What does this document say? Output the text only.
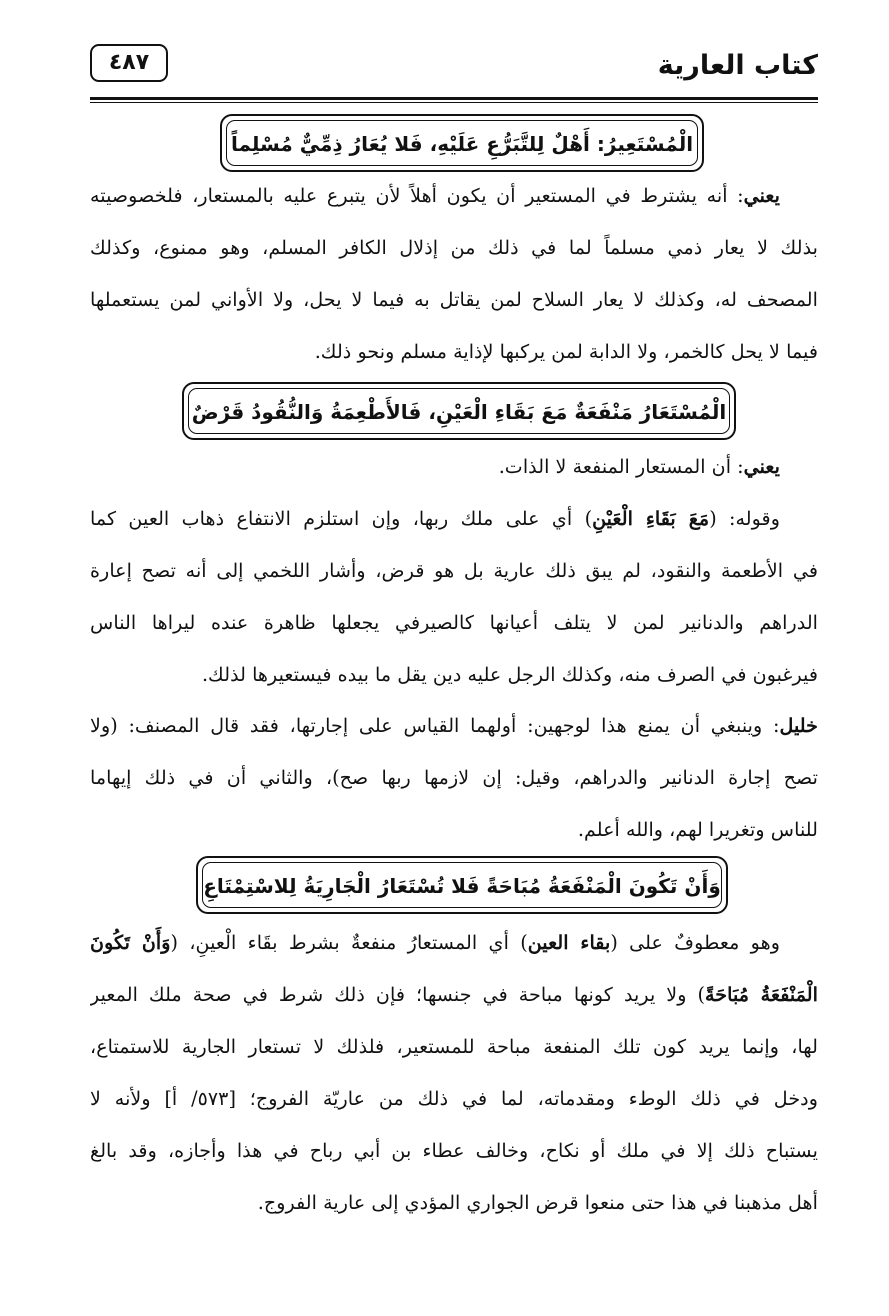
كتاب العارية
٤٨٧
الْمُسْتَعِيرُ: أَهْلٌ لِلتَّبَرُّعِ عَلَيْهِ، فَلا يُعَارُ ذِمِّيٌّ مُسْلِماً
يعني: أنه يشترط في المستعير أن يكون أهلاً لأن يتبرع عليه بالمستعار، فلخصوصيته
بذلك لا يعار ذمي مسلماً لما في ذلك من إذلال الكافر المسلم، وهو ممنوع، وكذلك
المصحف له، وكذلك لا يعار السلاح لمن يقاتل به فيما لا يحل، ولا الأواني لمن يستعملها
فيما لا يحل كالخمر، ولا الدابة لمن يركبها لإذاية مسلم ونحو ذلك.
الْمُسْتَعَارُ مَنْفَعَةٌ مَعَ بَقَاءِ الْعَيْنِ، فَالأَطْعِمَةُ وَالنُّقُودُ قَرْضٌ
يعني: أن المستعار المنفعة لا الذات.
وقوله: (مَعَ بَقَاءِ الْعَيْنِ) أي على ملك ربها، وإن استلزم الانتفاع ذهاب العين كما
في الأطعمة والنقود، لم يبق ذلك عارية بل هو قرض، وأشار اللخمي إلى أنه تصح إعارة
الدراهم والدنانير لمن لا يتلف أعيانها كالصيرفي يجعلها ظاهرة عنده ليراها الناس
فيرغبون في الصرف منه، وكذلك الرجل عليه دين يقل ما بيده فيستعيرها لذلك.
خليل: وينبغي أن يمنع هذا لوجهين: أولهما القياس على إجارتها، فقد قال المصنف: (ولا
تصح إجارة الدنانير والدراهم، وقيل: إن لازمها ربها صح)، والثاني أن في ذلك إيهاما
للناس وتغريرا لهم، والله أعلم.
وَأَنْ تَكُونَ الْمَنْفَعَةُ مُبَاحَةً فَلا تُسْتَعَارُ الْجَارِيَةُ لِلاسْتِمْتَاعِ
وهو معطوفٌ على (بقاء العين) أي المستعارُ منفعةٌ بشرط بقَاء الْعينِ، (وَأَنْ تَكُونَ
الْمَنْفَعَةُ مُبَاحَةً) ولا يريد كونها مباحة في جنسها؛ فإن ذلك شرط في صحة ملك المعير
لها، وإنما يريد كون تلك المنفعة مباحة للمستعير، فلذلك لا تستعار الجارية للاستمتاع،
ودخل في ذلك الوطء ومقدماته، لما في ذلك من عاريّة الفروج؛ [٥٧٣/ أ] ولأنه لا
يستباح ذلك إلا في ملك أو نكاح، وخالف عطاء بن أبي رباح في هذا وأجازه، وقد بالغ
أهل مذهبنا في هذا حتى منعوا قرض الجواري المؤدي إلى عارية الفروج.
